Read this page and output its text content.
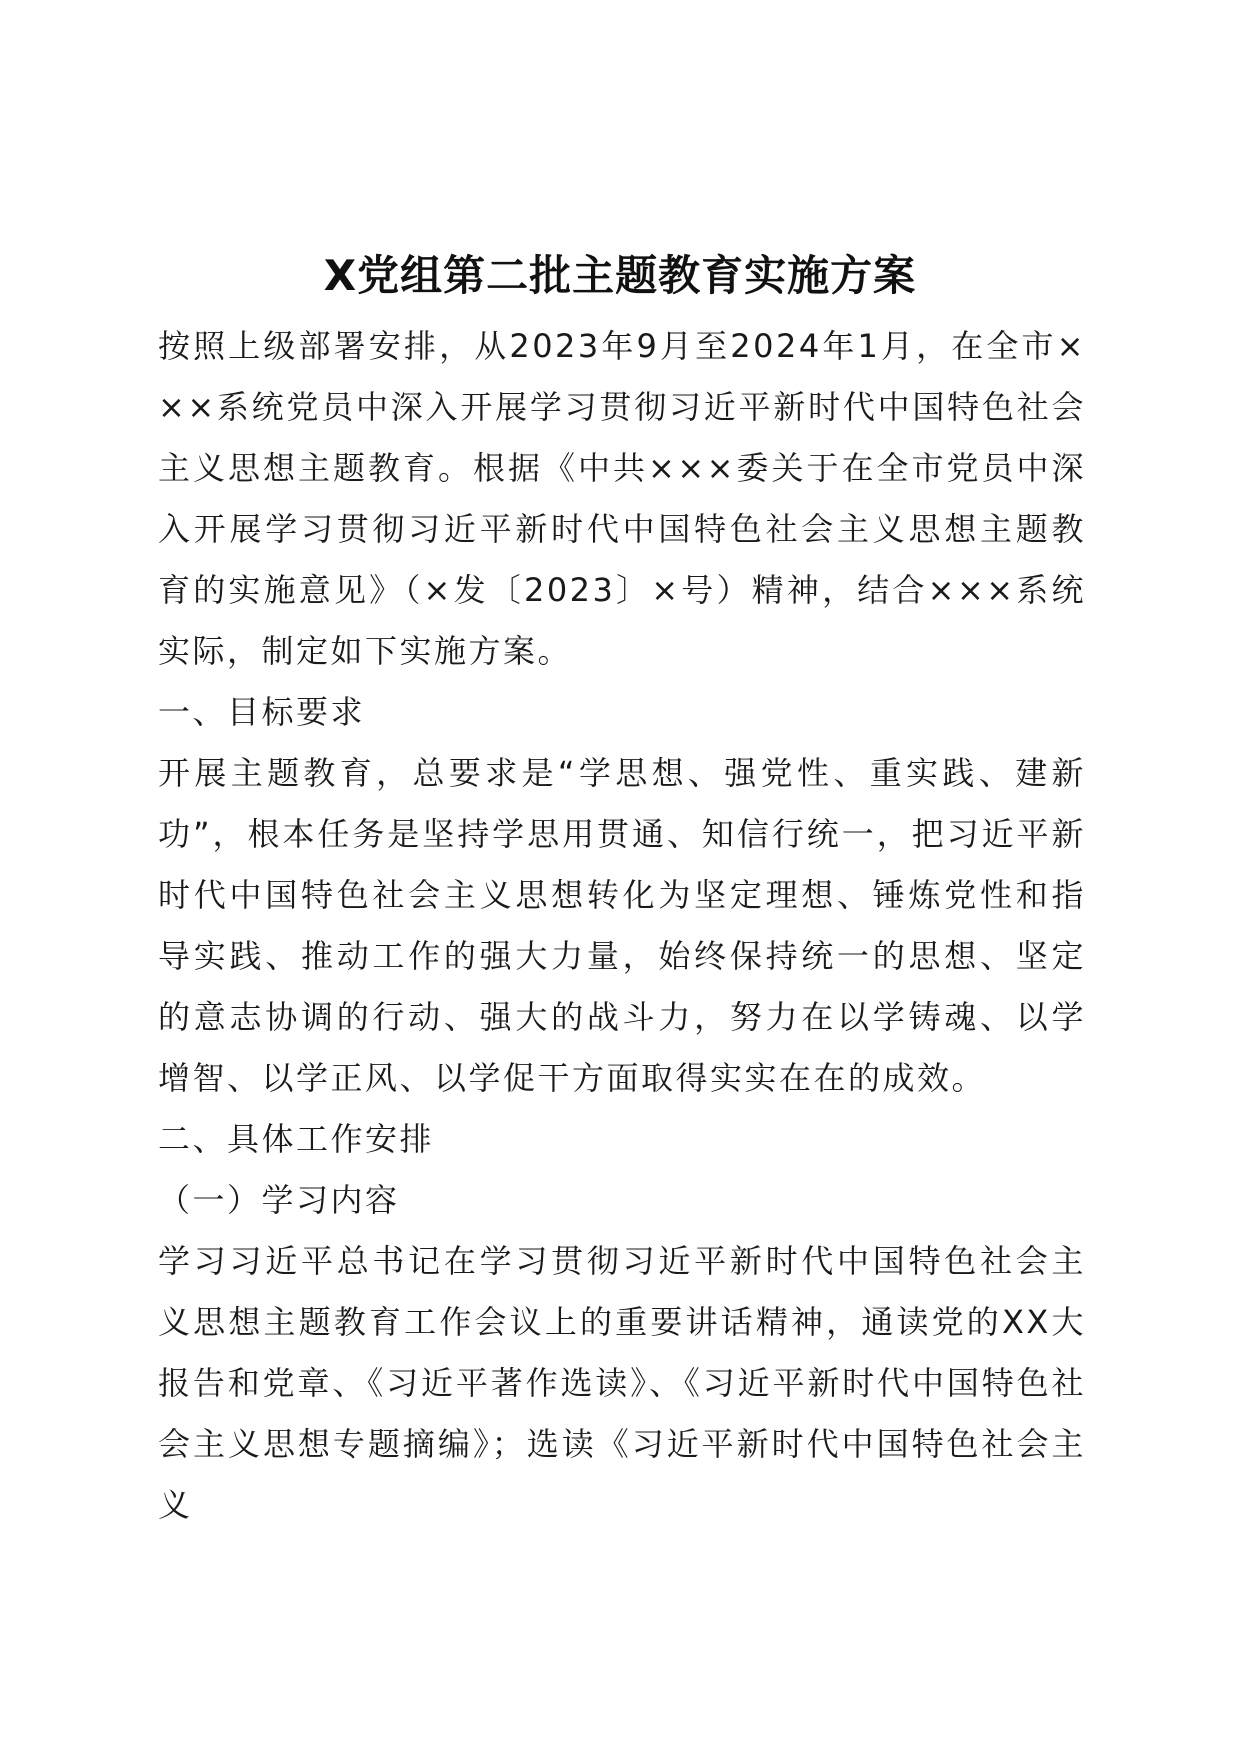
X党组第二批主题教育实施方案

按照上级部署安排，从2023年9月至2024年1月，在全市×××系统党员中深入开展学习贯彻习近平新时代中国特色社会主义思想主题教育。根据《中共×××委关于在全市党员中深入开展学习贯彻习近平新时代中国特色社会主义思想主题教育的实施意见》（×发〔2023〕×号）精神，结合×××系统实际，制定如下实施方案。

一、目标要求

开展主题教育，总要求是“学思想、强党性、重实践、建新功”，根本任务是坚持学思用贯通、知信行统一，把习近平新时代中国特色社会主义思想转化为坚定理想、锤炼党性和指导实践、推动工作的强大力量，始终保持统一的思想、坚定的意志协调的行动、强大的战斗力，努力在以学铸魂、以学增智、以学正风、以学促干方面取得实实在在的成效。

二、具体工作安排

（一）学习内容

学习习近平总书记在学习贯彻习近平新时代中国特色社会主义思想主题教育工作会议上的重要讲话精神，通读党的XX大报告和党章、《习近平著作选读》、《习近平新时代中国特色社会主义思想专题摘编》；选读《习近平新时代中国特色社会主义
